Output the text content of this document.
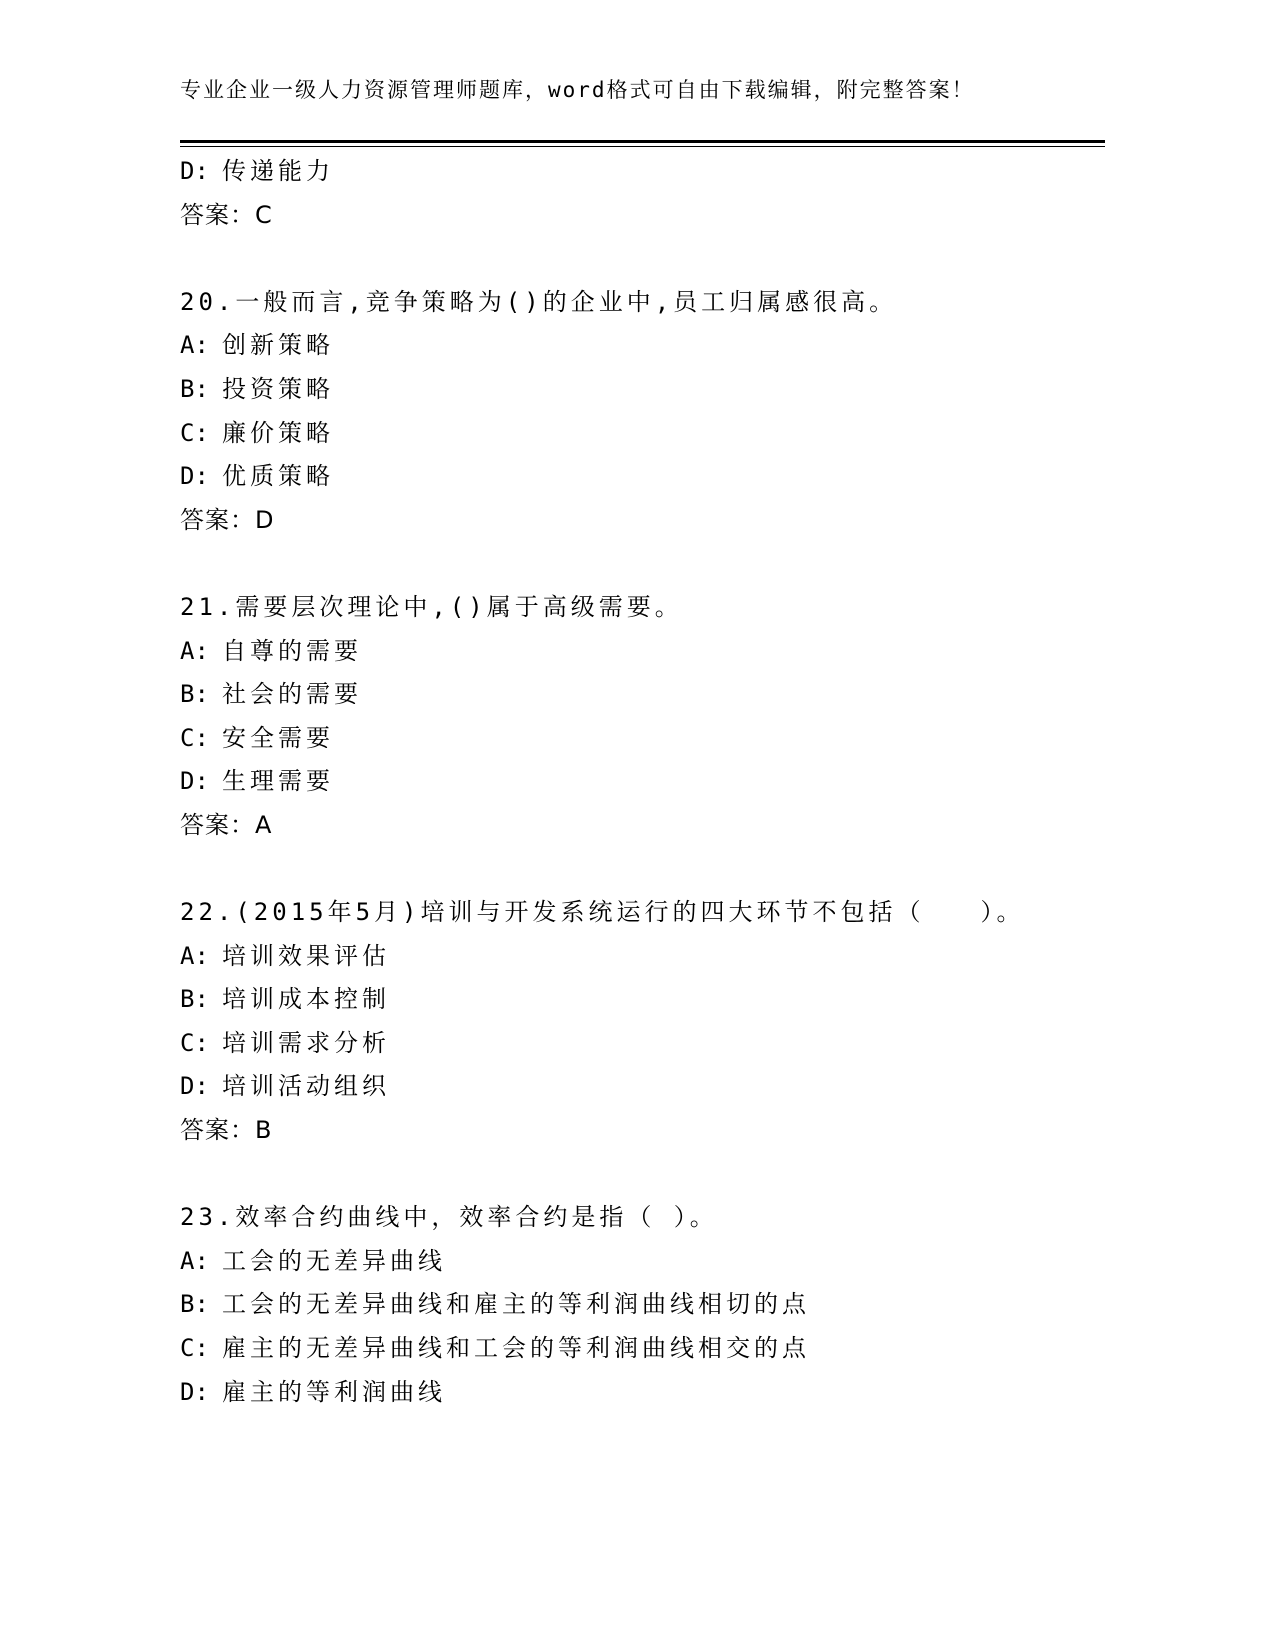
专业企业一级人力资源管理师题库，word格式可自由下载编辑，附完整答案！
D: 传递能力
答案：C
20.一般而言,竞争策略为()的企业中,员工归属感很高。
A: 创新策略
B: 投资策略
C: 廉价策略
D: 优质策略
答案：D
21.需要层次理论中,()属于高级需要。
A: 自尊的需要
B: 社会的需要
C: 安全需要
D: 生理需要
答案：A
22.(2015年5月)培训与开发系统运行的四大环节不包括（　　）。
A: 培训效果评估
B: 培训成本控制
C: 培训需求分析
D: 培训活动组织
答案：B
23.效率合约曲线中，效率合约是指（ ）。
A: 工会的无差异曲线
B: 工会的无差异曲线和雇主的等利润曲线相切的点
C: 雇主的无差异曲线和工会的等利润曲线相交的点
D: 雇主的等利润曲线
